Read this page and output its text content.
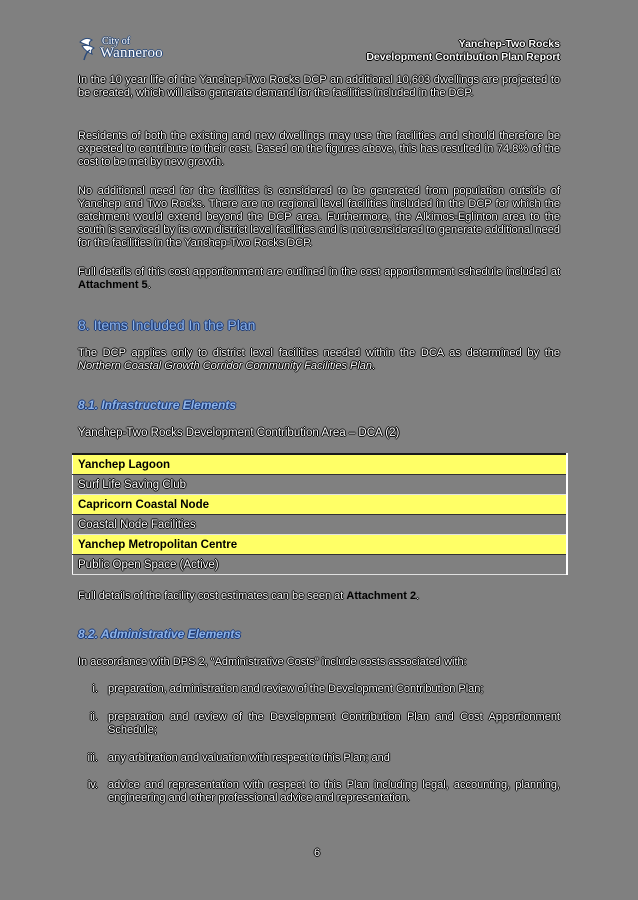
City of
Wanneroo
Yanchep-Two Rocks
Development Contribution Plan Report
In the 10 year life of the Yanchep-Two Rocks DCP an additional 10,603 dwellings are projected to be created, which will also generate demand for the facilities included in the DCP.
Residents of both the existing and new dwellings may use the facilities and should therefore be expected to contribute to their cost. Based on the figures above, this has resulted in 74.8% of the cost to be met by new growth.
No additional need for the facilities is considered to be generated from population outside of Yanchep and Two Rocks. There are no regional level facilities included in the DCP for which the catchment would extend beyond the DCP area. Furthermore, the Alkimos-Eglinton area to the south is serviced by its own district level facilities and is not considered to generate additional need for the facilities in the Yanchep-Two Rocks DCP.
Full details of this cost apportionment are outlined in the cost apportionment schedule included at Attachment 5.
8. Items Included In the Plan
The DCP applies only to district level facilities needed within the DCA as determined by the Northern Coastal Growth Corridor Community Facilities Plan.
8.1. Infrastructure Elements
Yanchep-Two Rocks Development Contribution Area – DCA (2)
Yanchep Lagoon
Surf Life Saving Club
Capricorn Coastal Node
Coastal Node Facilities
Yanchep Metropolitan Centre
Public Open Space (Active)
Full details of the facility cost estimates can be seen at Attachment 2.
8.2. Administrative Elements
In accordance with DPS 2, "Administrative Costs" include costs associated with:
i. preparation, administration and review of the Development Contribution Plan;
ii. preparation and review of the Development Contribution Plan and Cost Apportionment Schedule;
iii. any arbitration and valuation with respect to this Plan; and
iv. advice and representation with respect to this Plan including legal, accounting, planning, engineering and other professional advice and representation.
6
